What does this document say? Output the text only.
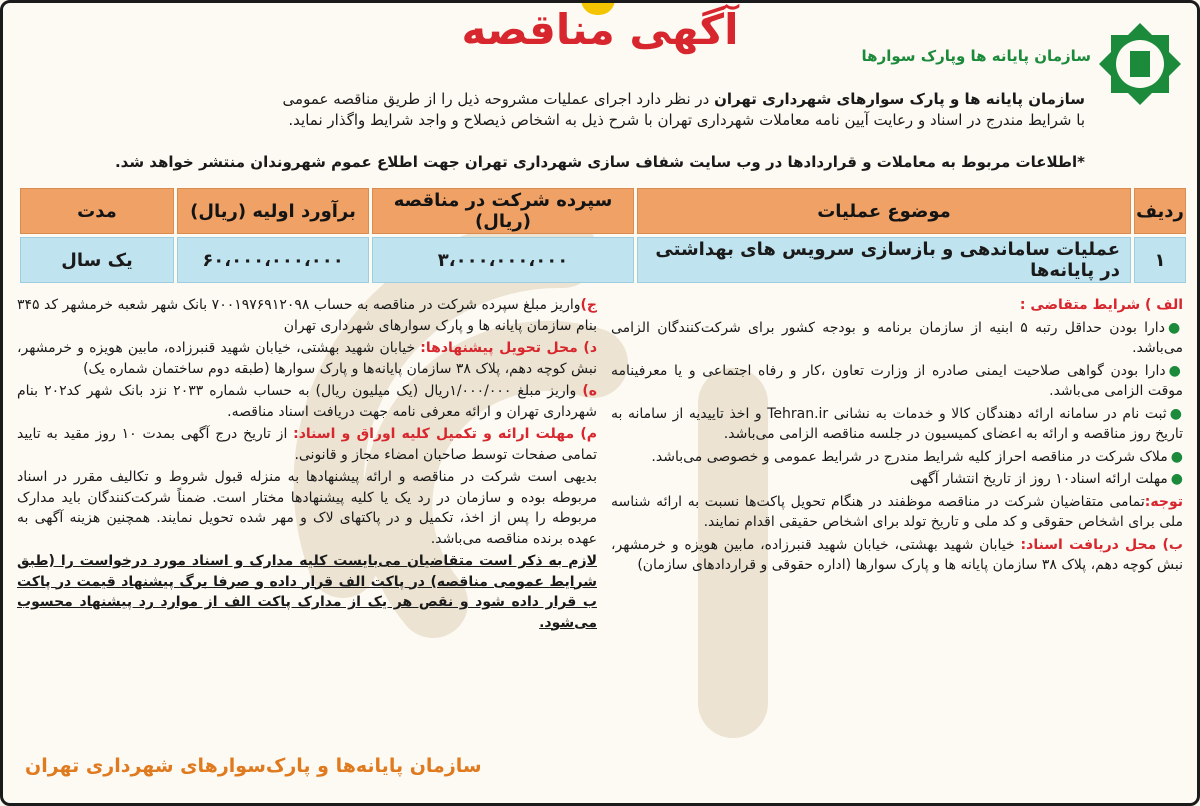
سازمان پایانه ها وپارک سوارها
آگهی مناقصه
سازمان پایانه ها و پارک سوارهای شهرداری تهران در نظر دارد اجرای عملیات مشروحه ذیل را از طریق مناقصه عمومی
با شرایط مندرج در اسناد و رعایت آیین نامه معاملات شهرداری تهران با شرح ذیل به اشخاص ذیصلاح و واجد شرایط واگذار نماید.
*اطلاعات مربوط به معاملات و قراردادها در وب سایت شفاف سازی شهرداری تهران جهت اطلاع عموم شهروندان منتشر خواهد شد.
ردیف	موضوع عملیات	سپرده شرکت در مناقصه (ریال)	برآورد اولیه (ریال)	مدت
۱	عملیات ساماندهی و بازسازی سرویس های بهداشتی در پایانه‌ها	۳،۰۰۰،۰۰۰،۰۰۰	۶۰،۰۰۰،۰۰۰،۰۰۰	یک سال

الف ) شرایط متقاضی :

●دارا بودن حداقل رتبه ۵ ابنیه از سازمان برنامه و بودجه کشور برای شرکت‌کنندگان الزامی می‌باشد.

●دارا بودن گواهی صلاحیت ایمنی صادره از وزارت تعاون ،کار و رفاه اجتماعی و یا معرفینامه موقت الزامی می‌باشد.

●ثبت نام در سامانه ارائه دهندگان کالا و خدمات به نشانی Tehran.ir و اخذ تاییدیه از سامانه به تاریخ روز مناقصه و ارائه به اعضای کمیسیون در جلسه مناقصه الزامی می‌باشد.

●ملاک شرکت در مناقصه احراز کلیه شرایط مندرج در شرایط عمومی و خصوصی می‌باشد.

●مهلت ارائه اسناد۱۰ روز از تاریخ انتشار آگهی

توجه:تمامی متقاضیان شرکت در مناقصه موظفند در هنگام تحویل پاکت‌ها نسبت به ارائه شناسه ملی برای اشخاص حقوقی و کد ملی و تاریخ تولد برای اشخاص حقیقی اقدام نمایند.

ب) محل دریافت اسناد: خیابان شهید بهشتی، خیابان شهید قنبرزاده، مابین هویزه و خرمشهر، نبش کوچه دهم، پلاک ۳۸ سازمان پایانه ها و پارک سوارها (اداره حقوقی و قراردادهای سازمان)

ج)واریز مبلغ سپرده شرکت در مناقصه به حساب ۷۰۰۱۹۷۶۹۱۲۰۹۸ بانک شهر شعبه خرمشهر کد ۳۴۵ بنام سازمان پایانه ها و پارک سوارهای شهرداری تهران

د) محل تحویل پیشنهادها: خیابان شهید بهشتی، خیابان شهید قنبرزاده، مابین هویزه و خرمشهر، نبش کوچه دهم، پلاک ۳۸ سازمان پایانه‌ها و پارک سوارها (طبقه دوم ساختمان شماره یک)

ه) واریز مبلغ ۱/۰۰۰/۰۰۰ریال (یک میلیون ریال) به حساب شماره ۲۰۳۳ نزد بانک شهر کد۲۰۲ بنام شهرداری تهران و ارائه معرفی نامه جهت دریافت اسناد مناقصه.

م) مهلت ارائه و تکمیل کلیه اوراق و اسناد: از تاریخ درج آگهی بمدت ۱۰ روز مقید به تایید تمامی صفحات توسط صاحبان امضاء مجاز و قانونی.

بدیهی است شرکت در مناقصه و ارائه پیشنهادها به منزله قبول شروط و تکالیف مقرر در اسناد مربوطه بوده و سازمان در رد یک یا کلیه پیشنهادها مختار است. ضمناً شرکت‌کنندگان باید مدارک مربوطه را پس از اخذ، تکمیل و در پاکتهای لاک و مهر شده تحویل نمایند. همچنین هزینه آگهی به عهده برنده مناقصه می‌باشد.

لازم به ذکر است متقاضیان می‌بایست کلیه مدارک و اسناد مورد درخواست را (طبق شرایط عمومی مناقصه) در پاکت الف قرار داده و صرفا برگ پیشنهاد قیمت در پاکت ب قرار داده شود و نقص هر یک از مدارک پاکت الف از موارد رد پیشنهاد محسوب می‌شود.

سازمان پایانه‌ها و پارک‌سوارهای شهرداری تهران
